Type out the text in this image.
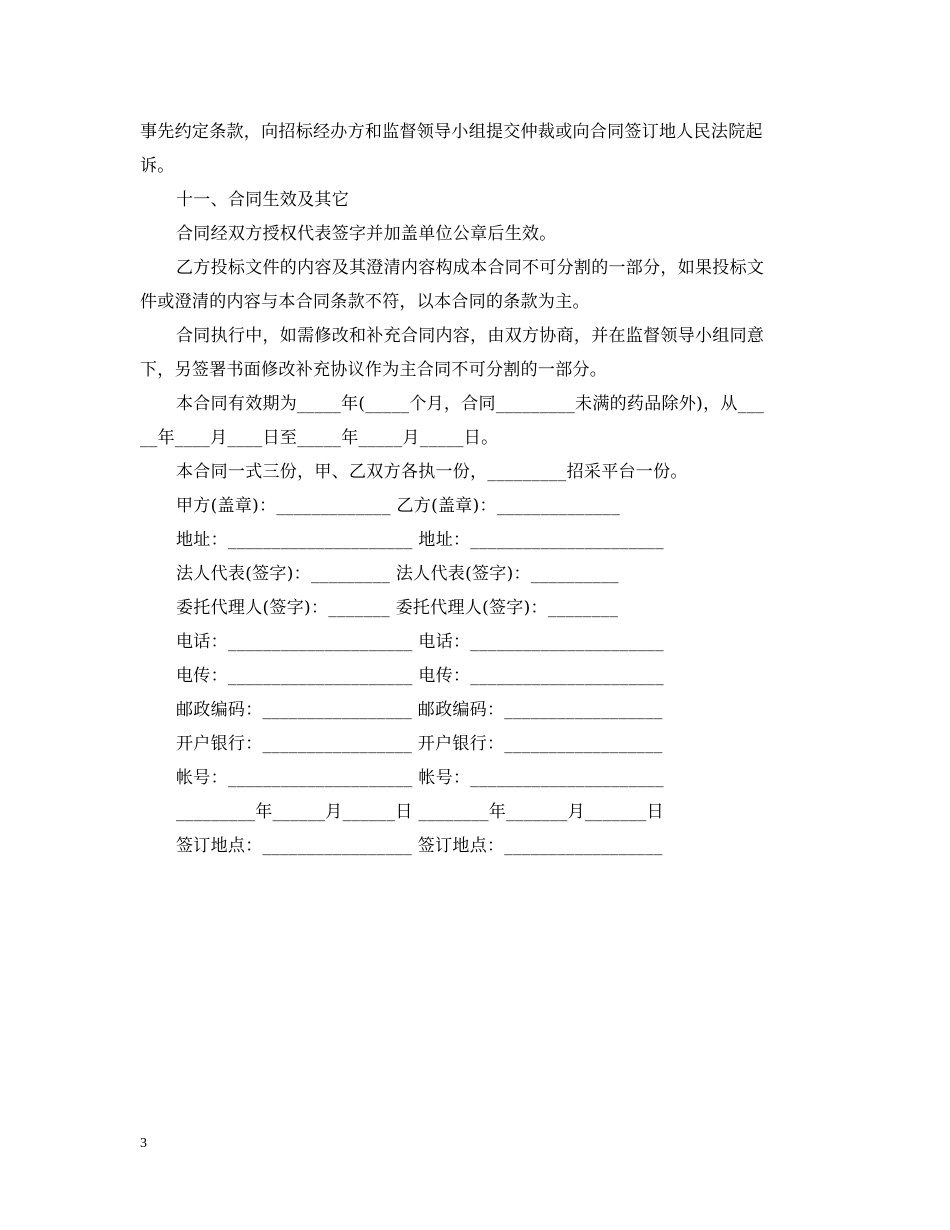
事先约定条款，向招标经办方和监督领导小组提交仲裁或向合同签订地人民法院起
诉。
十一、合同生效及其它
合同经双方授权代表签字并加盖单位公章后生效。
乙方投标文件的内容及其澄清内容构成本合同不可分割的一部分，如果投标文
件或澄清的内容与本合同条款不符，以本合同的条款为主。
合同执行中，如需修改和补充合同内容，由双方协商，并在监督领导小组同意
下，另签署书面修改补充协议作为主合同不可分割的一部分。
本合同有效期为_____年(_____个月，合同_________未满的药品除外)，从___
__年____月____日至_____年_____月_____日。
本合同一式三份，甲、乙双方各执一份，_________招采平台一份。
甲方(盖章)：_____________ 乙方(盖章)：______________
地址：_____________________ 地址：______________________
法人代表(签字)：_________ 法人代表(签字)：__________
委托代理人(签字)：_______ 委托代理人(签字)：________
电话：_____________________ 电话：______________________
电传：_____________________ 电传：______________________
邮政编码：_________________ 邮政编码：__________________
开户银行：_________________ 开户银行：__________________
帐号：_____________________ 帐号：______________________
_________年______月______日 ________年_______月_______日
签订地点：_________________ 签订地点：__________________
3
